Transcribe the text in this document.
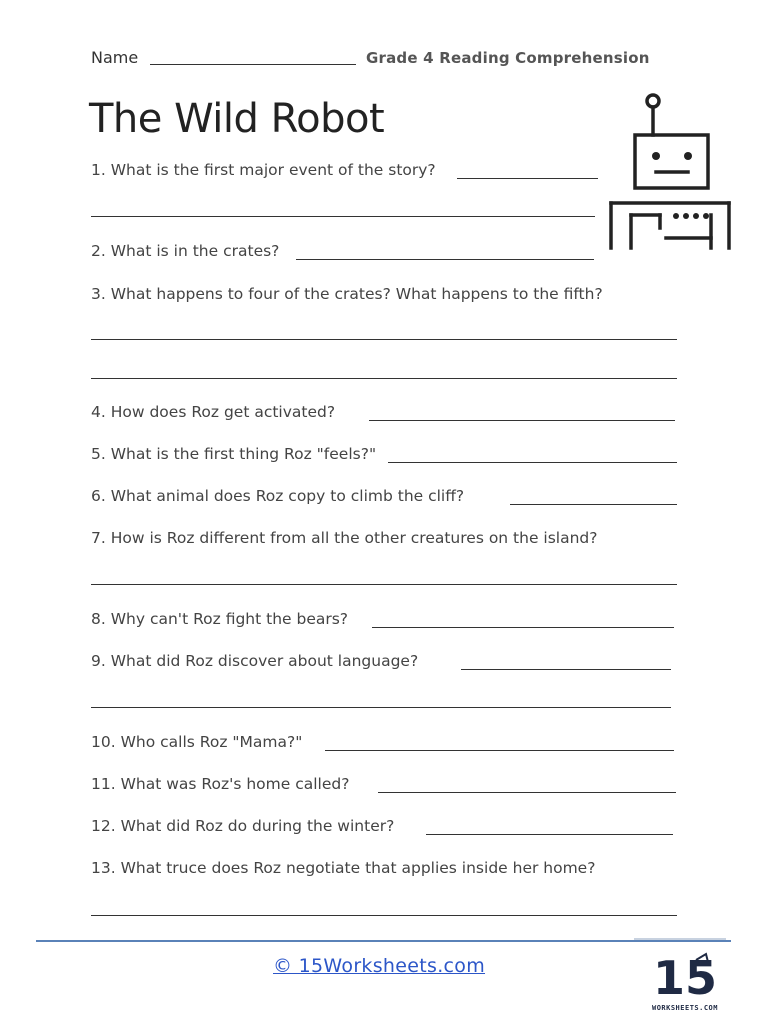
Name	Grade 4 Reading Comprehension
The Wild Robot
1. What is the first major event of the story?
2. What is in the crates?
3. What happens to four of the crates? What happens to the fifth?
4. How does Roz get activated?
5. What is the first thing Roz "feels?"
6. What animal does Roz copy to climb the cliff?
7. How is Roz different from all the other creatures on the island?
8. Why can't Roz fight the bears?
9. What did Roz discover about language?
10. Who calls Roz "Mama?"
11. What was Roz's home called?
12. What did Roz do during the winter?
13. What truce does Roz negotiate that applies inside her home?
© 15Worksheets.com	15
WORKSHEETS.COM
